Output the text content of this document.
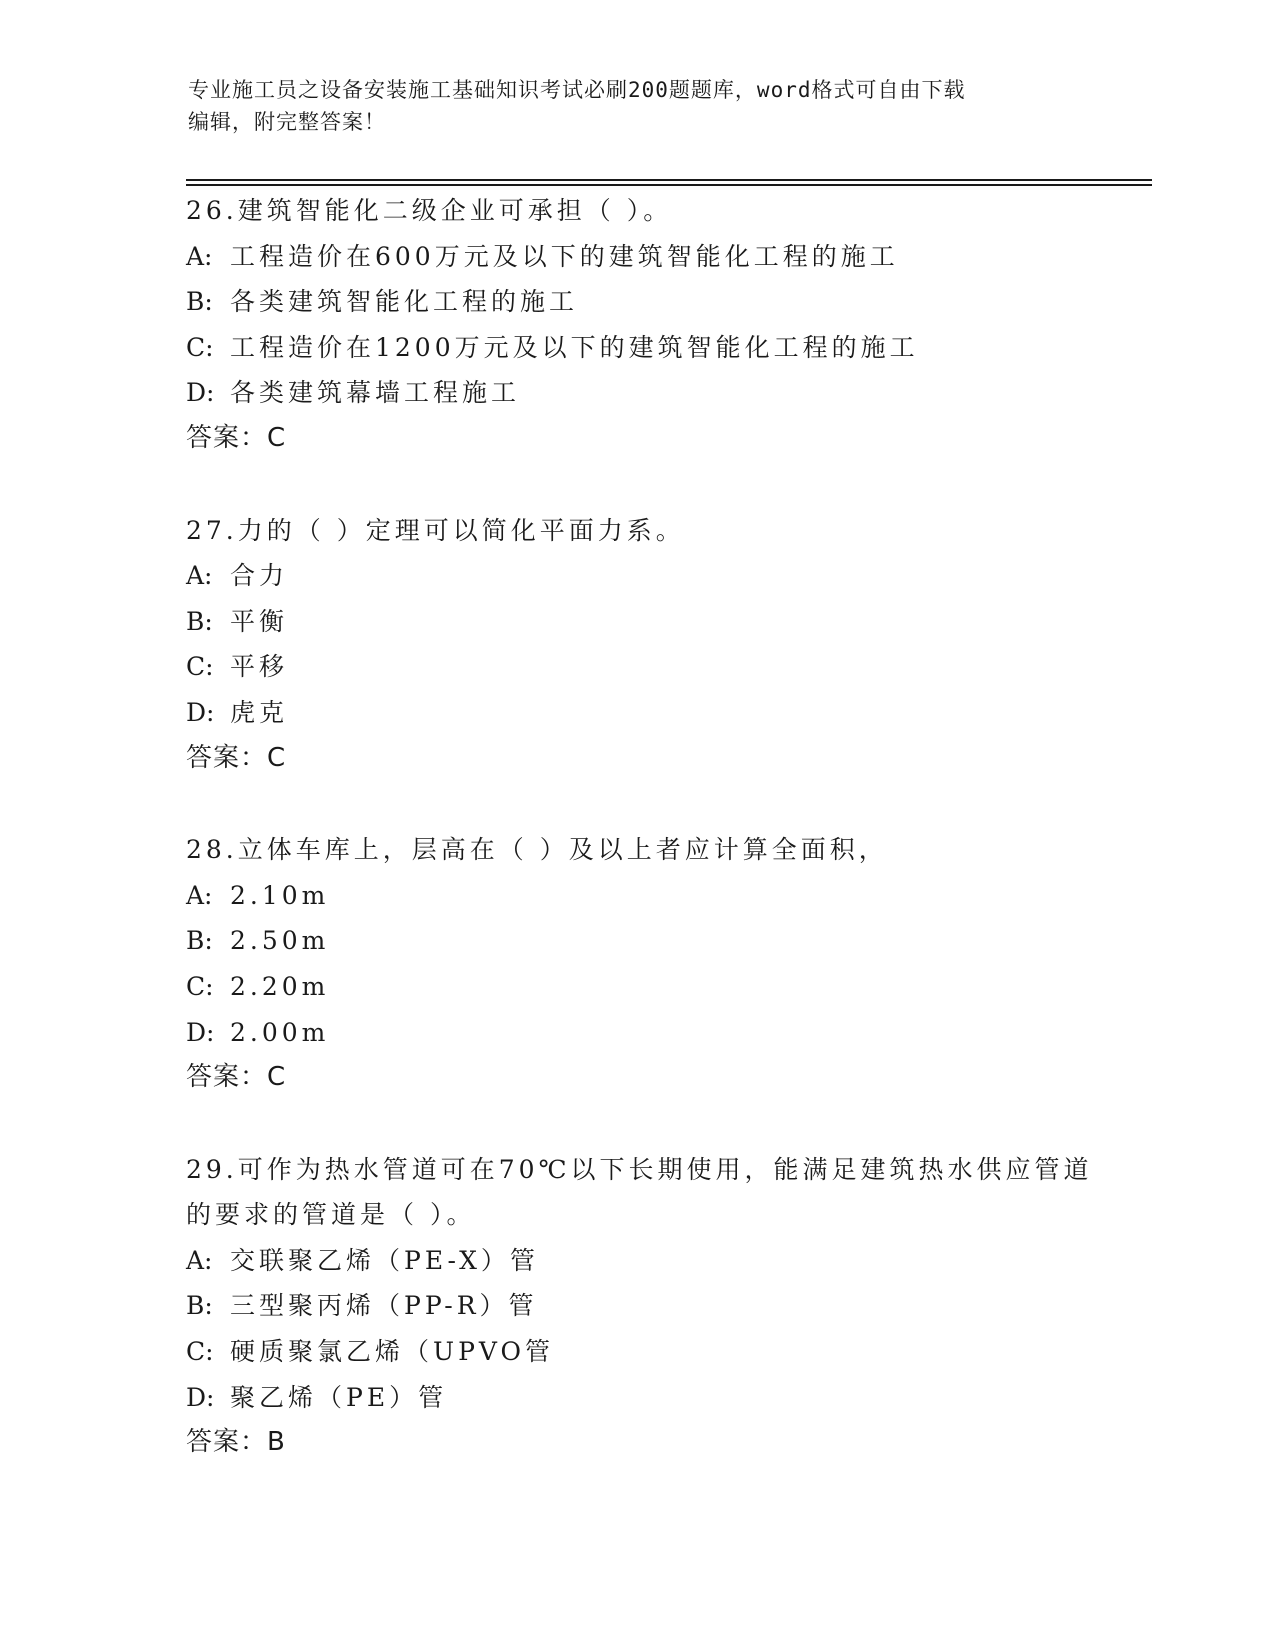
专业施工员之设备安装施工基础知识考试必刷200题题库，word格式可自由下载
编辑，附完整答案！
26.建筑智能化二级企业可承担（ ）。
A: 工程造价在600万元及以下的建筑智能化工程的施工
B: 各类建筑智能化工程的施工
C: 工程造价在1200万元及以下的建筑智能化工程的施工
D: 各类建筑幕墙工程施工
答案：C
27.力的（ ）定理可以简化平面力系。
A: 合力
B: 平衡
C: 平移
D: 虎克
答案：C
28.立体车库上，层高在（ ）及以上者应计算全面积，
A: 2.10m
B: 2.50m
C: 2.20m
D: 2.00m
答案：C
29.可作为热水管道可在70℃以下长期使用，能满足建筑热水供应管道
的要求的管道是（ ）。
A: 交联聚乙烯（PE-X）管
B: 三型聚丙烯（PP-R）管
C: 硬质聚氯乙烯（UPVO管
D: 聚乙烯（PE）管
答案：B
